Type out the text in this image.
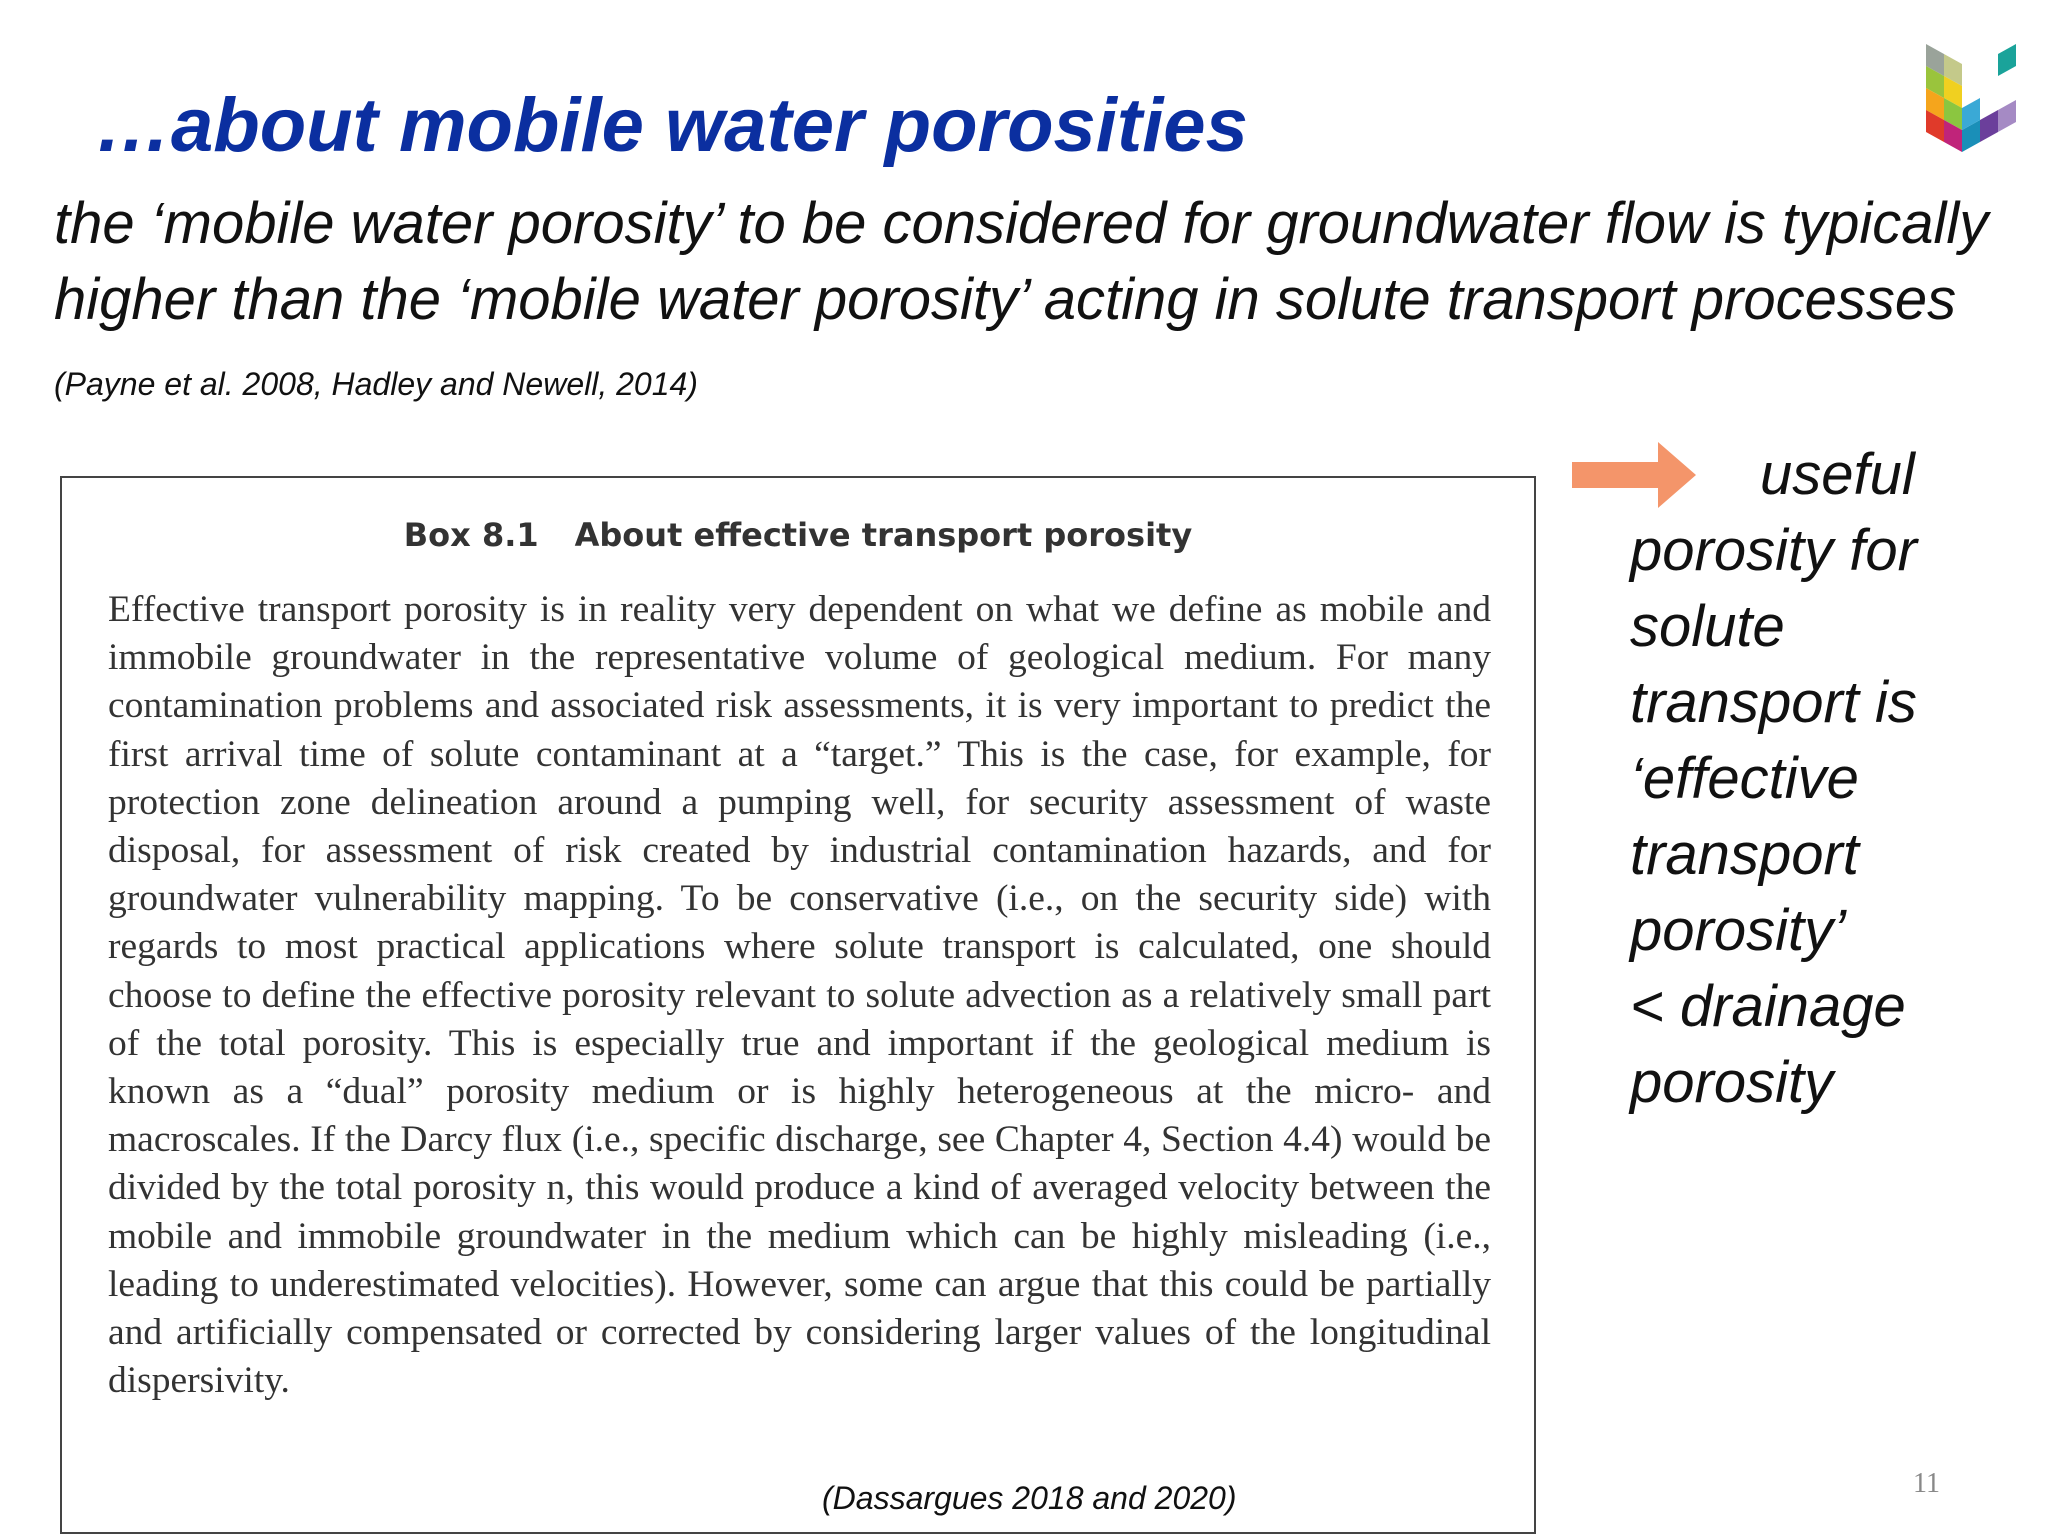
…about mobile water porosities

the ‘mobile water porosity’ to be considered for groundwater flow is typically higher than the ‘mobile water porosity’ acting in solute transport processes (Payne et al. 2008, Hadley and Newell, 2014)

Box 8.1 About effective transport porosity

Effective transport porosity is in reality very dependent on what we define as mobile and immobile groundwater in the representative volume of geological medium. For many contamination problems and associated risk assessments, it is very important to predict the first arrival time of solute contaminant at a “target.” This is the case, for example, for protection zone delineation around a pumping well, for security assessment of waste disposal, for assessment of risk created by industrial contamination hazards, and for groundwater vulnerability mapping. To be conservative (i.e., on the security side) with regards to most practical applications where solute transport is calculated, one should choose to define the effective porosity relevant to solute advection as a relatively small part of the total porosity. This is especially true and important if the geological medium is known as a “dual” porosity medium or is highly heterogeneous at the micro- and macroscales. If the Darcy flux (i.e., specific discharge, see Chapter 4, Section 4.4) would be divided by the total porosity n, this would produce a kind of averaged velocity between the mobile and immobile groundwater in the medium which can be highly misleading (i.e., leading to underestimated velocities). However, some can argue that this could be partially and artificially compensated or corrected by considering larger values of the longitudinal dispersivity.

(Dassargues 2018 and 2020)
useful
porosity for
solute
transport is
‘effective
transport
porosity’
< drainage
porosity
11
